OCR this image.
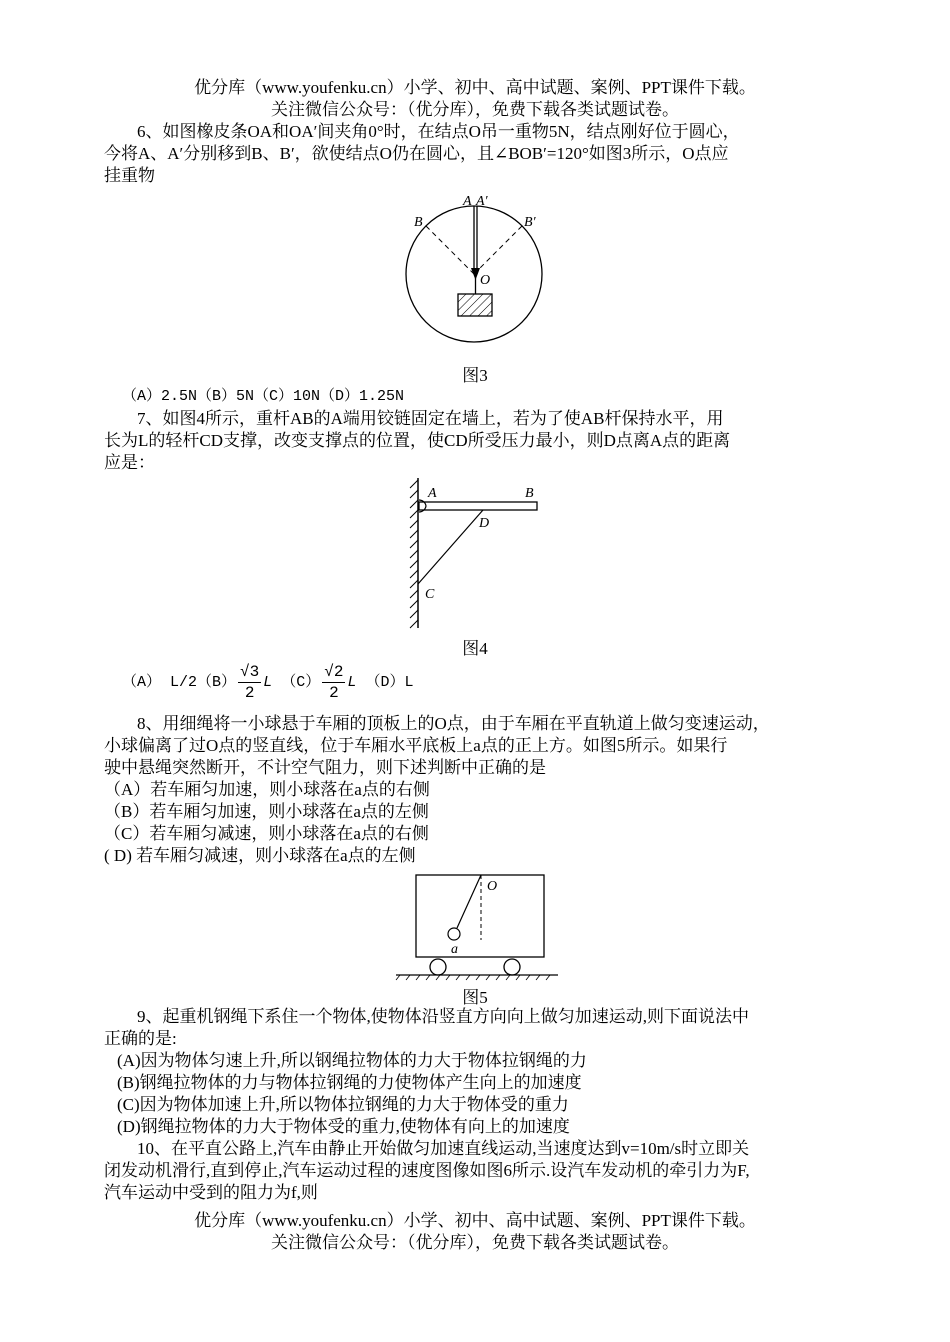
优分库（www.youfenku.cn）小学、初中、高中试题、案例、PPT课件下载。
关注微信公众号：（优分库），免费下载各类试题试卷。
6、如图橡皮条OA和OA′间夹角0°时，在结点O吊一重物5N，结点刚好位于圆心，
今将A、A′分别移到B、B′，欲使结点O仍在圆心，且∠BOB′=120°如图3所示，O点应
挂重物
A A′
B	B′
O
图3
（A）2.5N（B）5N（C）10N（D）1.25N
7、如图4所示，重杆AB的A端用铰链固定在墙上，若为了使AB杆保持水平，用
长为L的轻杆CD支撑，改变支撑点的位置，使CD所受压力最小，则D点离A点的距离
应是：
A	B
D
C
图4
（A） $L/2(B) \frac{√3}{2}$ L $(C) \frac{√2}{2}$ L （D）L
8、用细绳将一小球悬于车厢的顶板上的O点，由于车厢在平直轨道上做匀变速运动，
小球偏离了过O点的竖直线，位于车厢水平底板上a点的正上方。如图5所示。如果行
驶中悬绳突然断开，不计空气阻力，则下述判断中正确的是
（A）若车厢匀加速，则小球落在a点的右侧
（B）若车厢匀加速，则小球落在a点的左侧
（C）若车厢匀减速，则小球落在a点的右侧
( D) 若车厢匀减速，则小球落在a点的左侧
O
a
图5
9、起重机钢绳下系住一个物体,使物体沿竖直方向向上做匀加速运动,则下面说法中
正确的是:
(A)因为物体匀速上升,所以钢绳拉物体的力大于物体拉钢绳的力
(B)钢绳拉物体的力与物体拉钢绳的力使物体产生向上的加速度
(C)因为物体加速上升,所以物体拉钢绳的力大于物体受的重力
(D)钢绳拉物体的力大于物体受的重力,使物体有向上的加速度
10、在平直公路上,汽车由静止开始做匀加速直线运动,当速度达到v=10m/s时立即关
闭发动机滑行,直到停止,汽车运动过程的速度图像如图6所示.设汽车发动机的牵引力为F,
汽车运动中受到的阻力为f,则
优分库（www.youfenku.cn）小学、初中、高中试题、案例、PPT课件下载。
关注微信公众号：（优分库），免费下载各类试题试卷。
